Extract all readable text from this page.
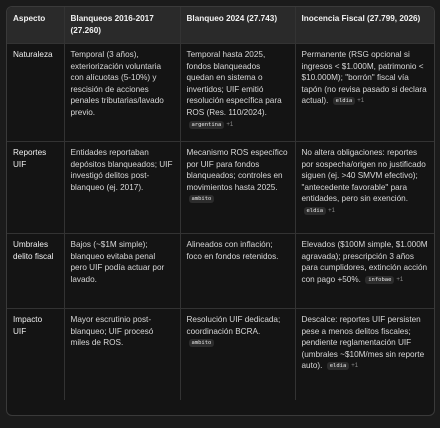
Aspecto	Blanqueos 2016-2017 (27.260)	Blanqueo 2024 (27.743)	Inocencia Fiscal (27.799, 2026)
Naturaleza	Temporal (3 años), exteriorización voluntaria con alícuotas (5-10%) y rescisión de acciones penales tributarias/lavado previo.	Temporal hasta 2025, fondos blanqueados quedan en sistema o invertidos; UIF emitió resolución específica para ROS (Res. 110/2024). argentina +1	Permanente (RSG opcional si ingresos < $1.000M, patrimonio < $10.000M); "borrón" fiscal vía tapón (no revisa pasado si declara actual). eldia +1
Reportes UIF	Entidades reportaban depósitos blanqueados; UIF investigó delitos post-blanqueo (ej. 2017).	Mecanismo ROS específico por UIF para fondos blanqueados; controles en movimientos hasta 2025. ambito	No altera obligaciones: reportes por sospecha/origen no justificado siguen (ej. >40 SMVM efectivo); "antecedente favorable" para entidades, pero sin exención. eldia +1
Umbrales delito fiscal	Bajos (~$1M simple); blanqueo evitaba penal pero UIF podía actuar por lavado.	Alineados con inflación; foco en fondos retenidos.	Elevados ($100M simple, $1.000M agravada); prescripción 3 años para cumplidores, extinción acción con pago +50%. infobae +1
Impacto UIF	Mayor escrutinio post-blanqueo; UIF procesó miles de ROS.	Resolución UIF dedicada; coordinación BCRA. ambito	Descalce: reportes UIF persisten pese a menos delitos fiscales; pendiente reglamentación UIF (umbrales ~$10M/mes sin reporte auto). eldia +1
